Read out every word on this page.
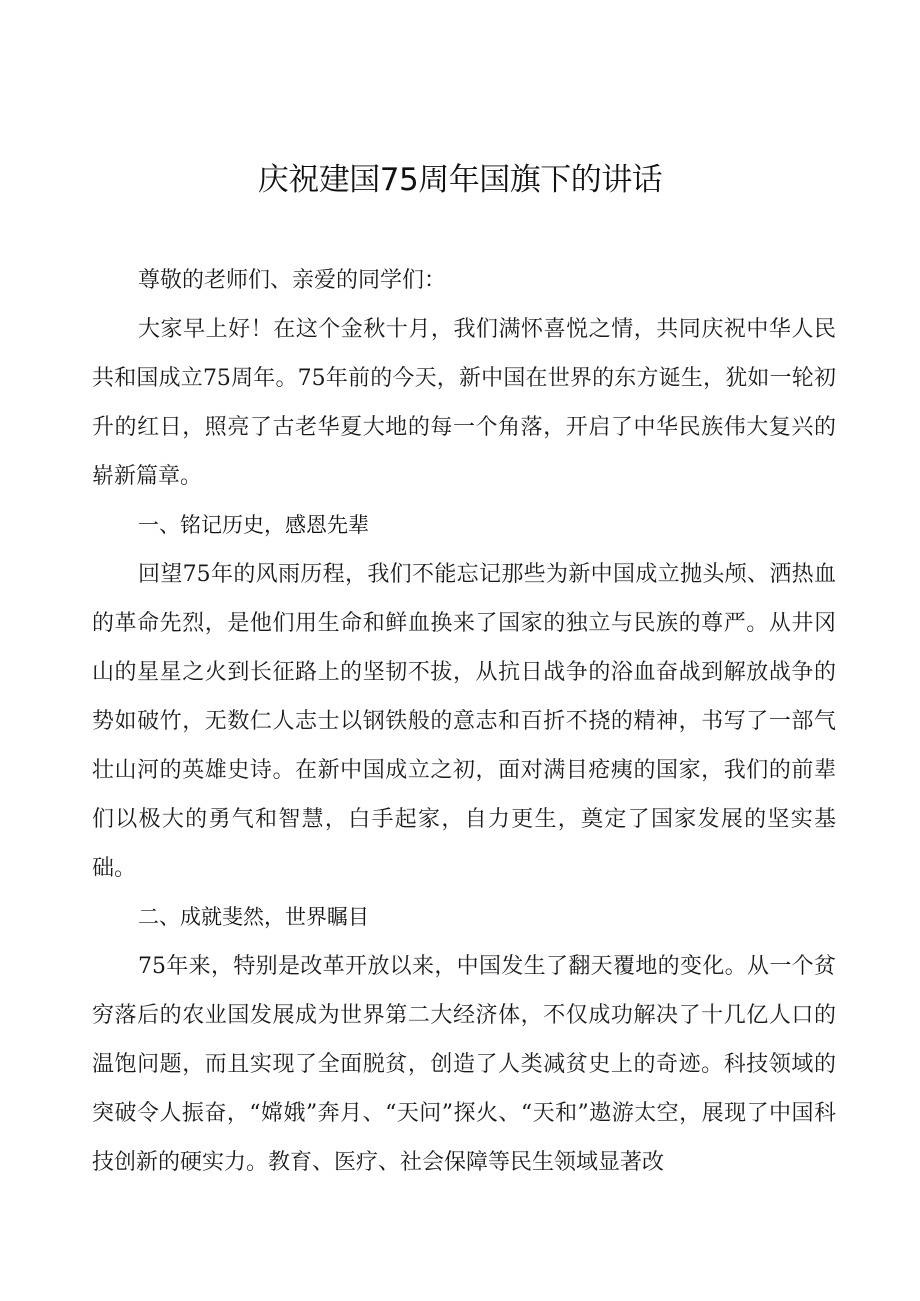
庆祝建国75周年国旗下的讲话

尊敬的老师们、亲爱的同学们：

大家早上好！在这个金秋十月，我们满怀喜悦之情，共同庆祝中华人民共和国成立75周年。75年前的今天，新中国在世界的东方诞生，犹如一轮初升的红日，照亮了古老华夏大地的每一个角落，开启了中华民族伟大复兴的崭新篇章。

一、铭记历史，感恩先辈

回望75年的风雨历程，我们不能忘记那些为新中国成立抛头颅、洒热血的革命先烈，是他们用生命和鲜血换来了国家的独立与民族的尊严。从井冈山的星星之火到长征路上的坚韧不拔，从抗日战争的浴血奋战到解放战争的势如破竹，无数仁人志士以钢铁般的意志和百折不挠的精神，书写了一部气壮山河的英雄史诗。在新中国成立之初，面对满目疮痍的国家，我们的前辈们以极大的勇气和智慧，白手起家，自力更生，奠定了国家发展的坚实基础。

二、成就斐然，世界瞩目

75年来，特别是改革开放以来，中国发生了翻天覆地的变化。从一个贫穷落后的农业国发展成为世界第二大经济体，不仅成功解决了十几亿人口的温饱问题，而且实现了全面脱贫，创造了人类减贫史上的奇迹。科技领域的突破令人振奋，“嫦娥”奔月、“天问”探火、“天和”遨游太空，展现了中国科技创新的硬实力。教育、医疗、社会保障等民生领域显著改
